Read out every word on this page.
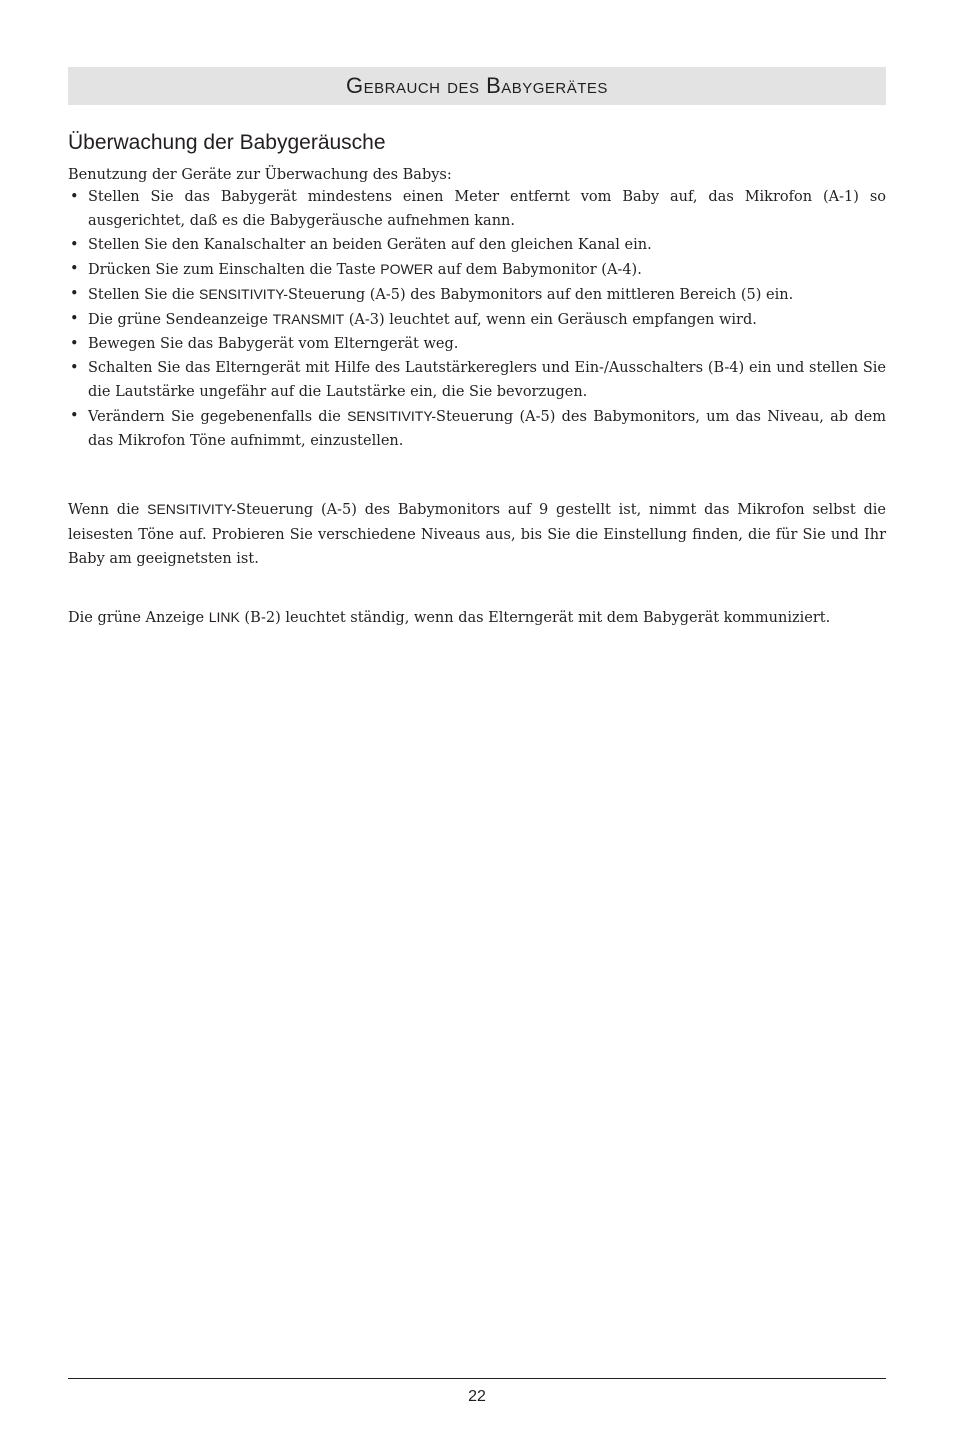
Gebrauch des Babygerätes
Überwachung der Babygeräusche
Benutzung der Geräte zur Überwachung des Babys:
• Stellen Sie das Babygerät mindestens einen Meter entfernt vom Baby auf, das Mikrofon (A-1) so ausgerichtet, daß es die Babygeräusche aufnehmen kann.
• Stellen Sie den Kanalschalter an beiden Geräten auf den gleichen Kanal ein.
• Drücken Sie zum Einschalten die Taste POWER auf dem Babymonitor (A-4).
• Stellen Sie die SENSITIVITY-Steuerung (A-5) des Babymonitors auf den mittleren Bereich (5) ein.
• Die grüne Sendeanzeige TRANSMIT (A-3) leuchtet auf, wenn ein Geräusch empfangen wird.
• Bewegen Sie das Babygerät vom Elterngerät weg.
• Schalten Sie das Elterngerät mit Hilfe des Lautstärkereglers und Ein-/Ausschalters (B-4) ein und stellen Sie die Lautstärke ungefähr auf die Lautstärke ein, die Sie bevorzugen.
• Verändern Sie gegebenenfalls die SENSITIVITY-Steuerung (A-5) des Babymonitors, um das Niveau, ab dem das Mikrofon Töne aufnimmt, einzustellen.

Wenn die SENSITIVITY-Steuerung (A-5) des Babymonitors auf 9 gestellt ist, nimmt das Mikrofon selbst die leisesten Töne auf. Probieren Sie verschiedene Niveaus aus, bis Sie die Einstellung finden, die für Sie und Ihr Baby am geeignetsten ist.

Die grüne Anzeige LINK (B-2) leuchtet ständig, wenn das Elterngerät mit dem Babygerät kommuniziert.

22
